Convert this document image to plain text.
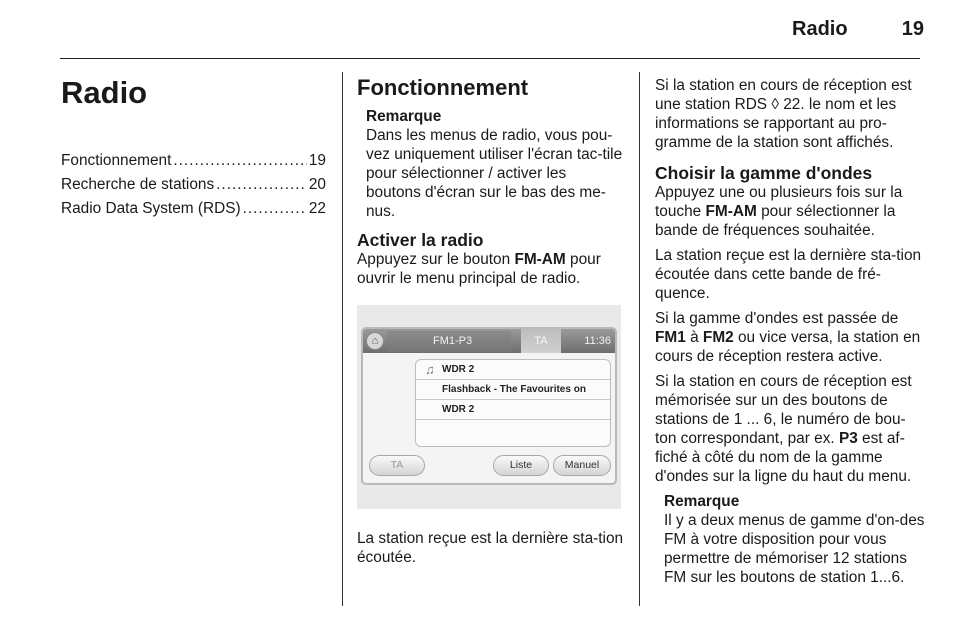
Radio	19
Radio
Fonctionnement .....	19
Recherche de stations .....	20
Radio Data System (RDS) .....	22
Fonctionnement
Remarque

Dans les menus de radio, vous pou-vez uniquement utiliser l'écran tac-tile pour sélectionner / activer les boutons d'écran sur le bas des me-nus.

Activer la radio

Appuyez sur le bouton FM-AM pour ouvrir le menu principal de radio.

⌂	FM1-P3	TA	11:36
♫ WDR 2
Flashback - The Favourites on
WDR 2
TA	Liste	Manuel

La station reçue est la dernière sta-tion écoutée.

Si la station en cours de réception est une station RDS ◊ 22. le nom et les informations se rapportant au pro-gramme de la station sont affichés.

Choisir la gamme d'ondes

Appuyez une ou plusieurs fois sur la touche FM-AM pour sélectionner la bande de fréquences souhaitée.

La station reçue est la dernière sta-tion écoutée dans cette bande de fré-quence.

Si la gamme d'ondes est passée de FM1 à FM2 ou vice versa, la station en cours de réception restera active.

Si la station en cours de réception est mémorisée sur un des boutons de stations de 1 ... 6, le numéro de bou-ton correspondant, par ex. P3 est af-fiché à côté du nom de la gamme d'ondes sur la ligne du haut du menu.

Remarque

Il y a deux menus de gamme d'on-des FM à votre disposition pour vous permettre de mémoriser 12 stations FM sur les boutons de station 1...6.
